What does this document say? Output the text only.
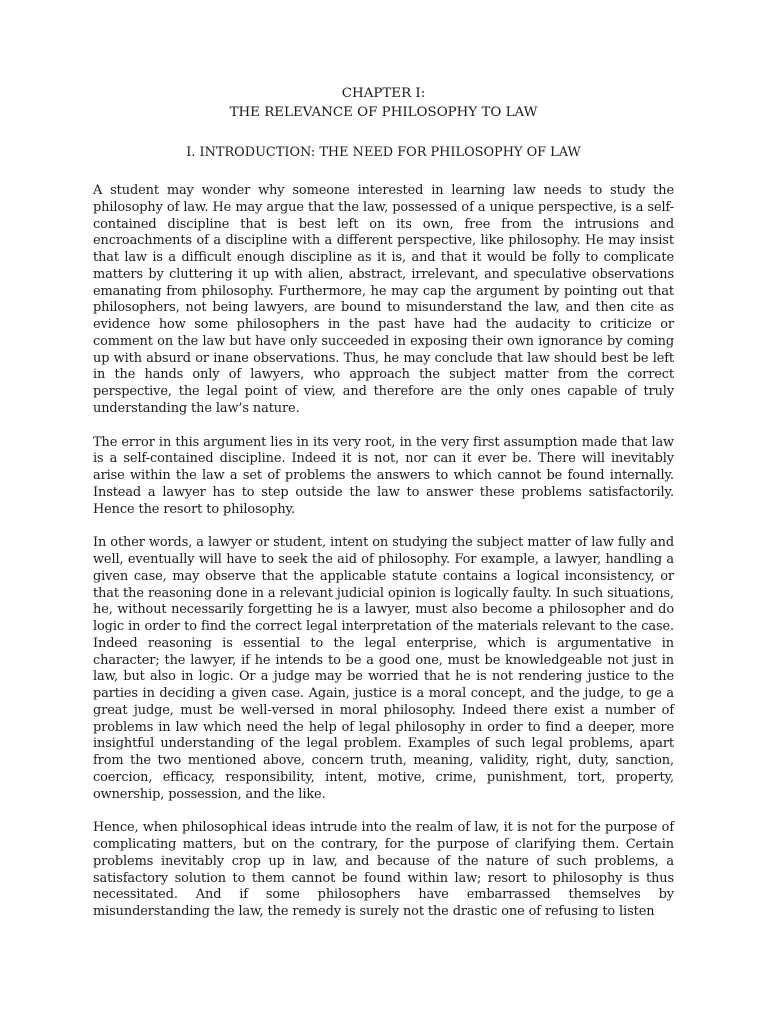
CHAPTER I:
THE RELEVANCE OF PHILOSOPHY TO LAW
I. INTRODUCTION: THE NEED FOR PHILOSOPHY OF LAW

A student may wonder why someone interested in learning law needs to study the philosophy of law. He may argue that the law, possessed of a unique perspective, is a self-contained discipline that is best left on its own, free from the intrusions and encroachments of a discipline with a different perspective, like philosophy. He may insist that law is a difficult enough discipline as it is, and that it would be folly to complicate matters by cluttering it up with alien, abstract, irrelevant, and speculative observations emanating from philosophy. Furthermore, he may cap the argument by pointing out that philosophers, not being lawyers, are bound to misunderstand the law, and then cite as evidence how some philosophers in the past have had the audacity to criticize or comment on the law but have only succeeded in exposing their own ignorance by coming up with absurd or inane observations. Thus, he may conclude that law should best be left in the hands only of lawyers, who approach the subject matter from the correct perspective, the legal point of view, and therefore are the only ones capable of truly understanding the law’s nature.

The error in this argument lies in its very root, in the very first assumption made that law is a self-contained discipline. Indeed it is not, nor can it ever be. There will inevitably arise within the law a set of problems the answers to which cannot be found internally. Instead a lawyer has to step outside the law to answer these problems satisfactorily. Hence the resort to philosophy.

In other words, a lawyer or student, intent on studying the subject matter of law fully and well, eventually will have to seek the aid of philosophy. For example, a lawyer, handling a given case, may observe that the applicable statute contains a logical inconsistency, or that the reasoning done in a relevant judicial opinion is logically faulty. In such situations, he, without necessarily forgetting he is a lawyer, must also become a philosopher and do logic in order to find the correct legal interpretation of the materials relevant to the case. Indeed reasoning is essential to the legal enterprise, which is argumentative in character; the lawyer, if he intends to be a good one, must be knowledgeable not just in law, but also in logic. Or a judge may be worried that he is not rendering justice to the parties in deciding a given case. Again, justice is a moral concept, and the judge, to ge a great judge, must be well-versed in moral philosophy. Indeed there exist a number of problems in law which need the help of legal philosophy in order to find a deeper, more insightful understanding of the legal problem. Examples of such legal problems, apart from the two mentioned above, concern truth, meaning, validity, right, duty, sanction, coercion, efficacy, responsibility, intent, motive, crime, punishment, tort, property, ownership, possession, and the like.

Hence, when philosophical ideas intrude into the realm of law, it is not for the purpose of complicating matters, but on the contrary, for the purpose of clarifying them. Certain problems inevitably crop up in law, and because of the nature of such problems, a satisfactory solution to them cannot be found within law; resort to philosophy is thus necessitated. And if some philosophers have embarrassed themselves by misunderstanding the law, the remedy is surely not the drastic one of refusing to listen
